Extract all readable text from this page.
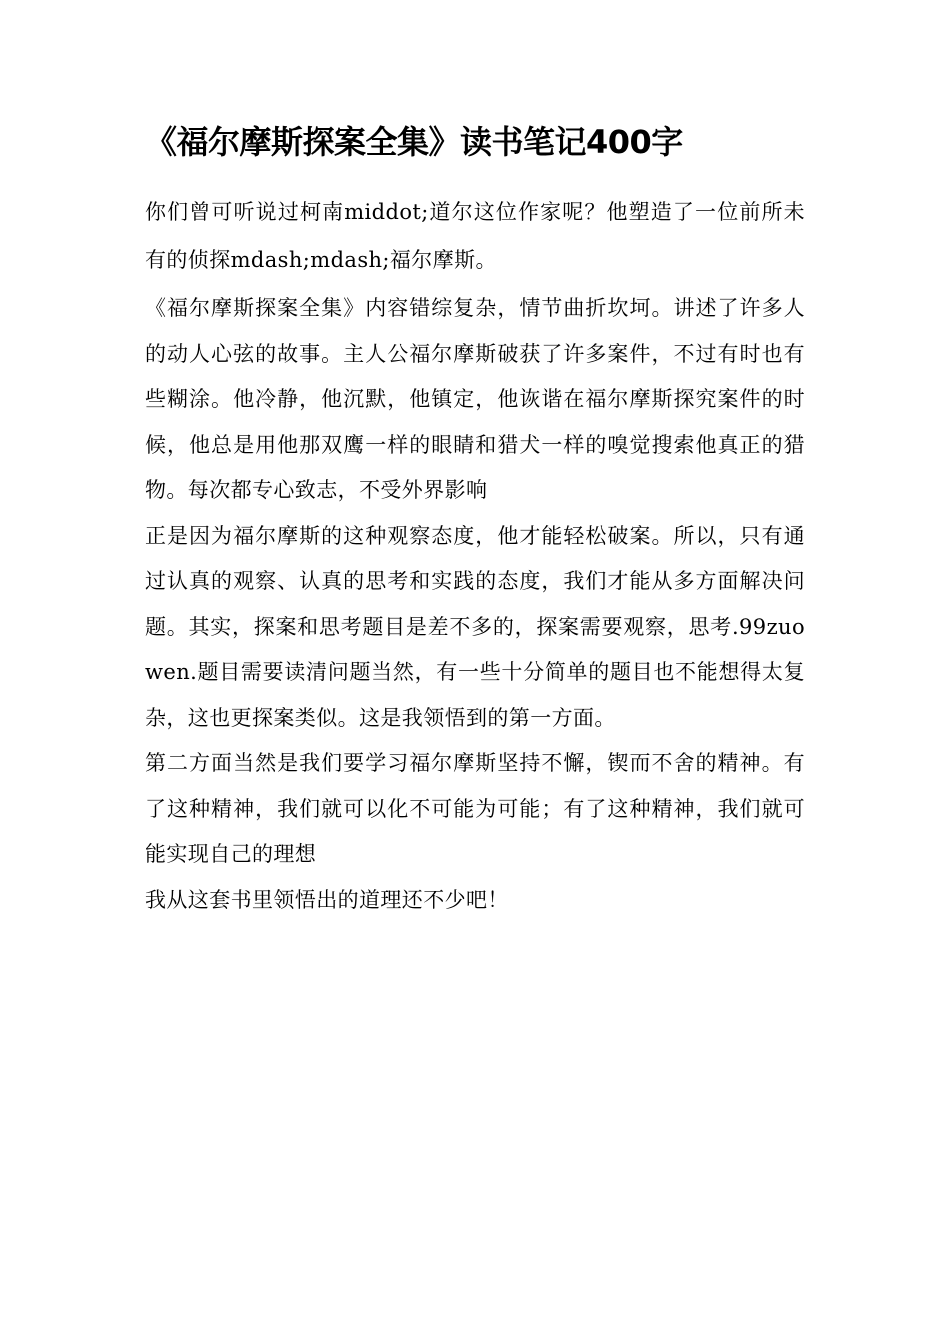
《福尔摩斯探案全集》读书笔记400字

你们曾可听说过柯南middot;道尔这位作家呢？他塑造了一位前所未有的侦探mdash;mdash;福尔摩斯。

《福尔摩斯探案全集》内容错综复杂，情节曲折坎坷。讲述了许多人的动人心弦的故事。主人公福尔摩斯破获了许多案件，不过有时也有些糊涂。他冷静，他沉默，他镇定，他诙谐在福尔摩斯探究案件的时候，他总是用他那双鹰一样的眼睛和猎犬一样的嗅觉搜索他真正的猎物。每次都专心致志，不受外界影响

正是因为福尔摩斯的这种观察态度，他才能轻松破案。所以，只有通过认真的观察、认真的思考和实践的态度，我们才能从多方面解决问题。其实，探案和思考题目是差不多的，探案需要观察，思考.99zuowen.题目需要读清问题当然，有一些十分简单的题目也不能想得太复杂，这也更探案类似。这是我领悟到的第一方面。

第二方面当然是我们要学习福尔摩斯坚持不懈，锲而不舍的精神。有了这种精神，我们就可以化不可能为可能；有了这种精神，我们就可能实现自己的理想

我从这套书里领悟出的道理还不少吧！
